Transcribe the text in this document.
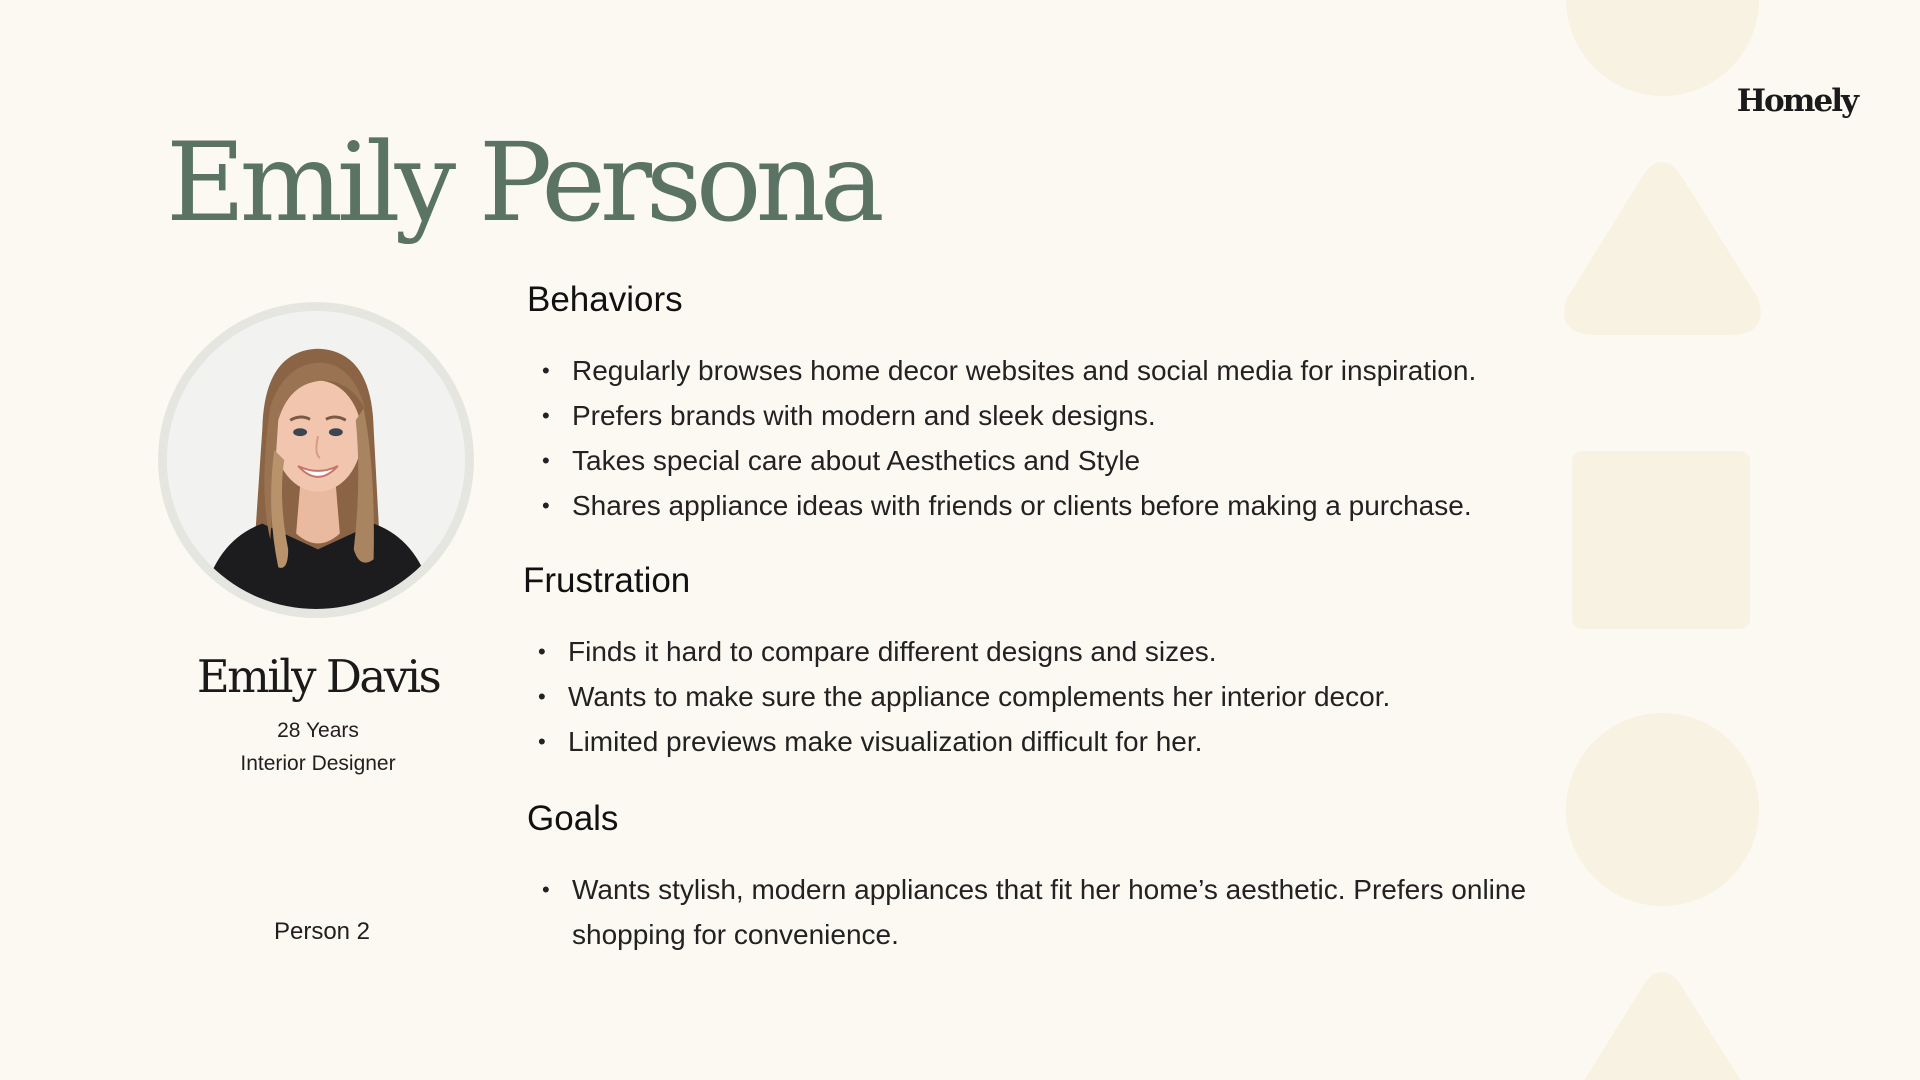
Homely

Emily Persona
Emily Davis

28 Years

Interior Designer

Person 2

Behaviors
• Regularly browses home decor websites and social media for inspiration.
• Prefers brands with modern and sleek designs.
• Takes special care about Aesthetics and Style
• Shares appliance ideas with friends or clients before making a purchase.
Frustration
• Finds it hard to compare different designs and sizes.
• Wants to make sure the appliance complements her interior decor.
• Limited previews make visualization difficult for her.
Goals
• Wants stylish, modern appliances that fit her home’s aesthetic. Prefers online shopping for convenience.
